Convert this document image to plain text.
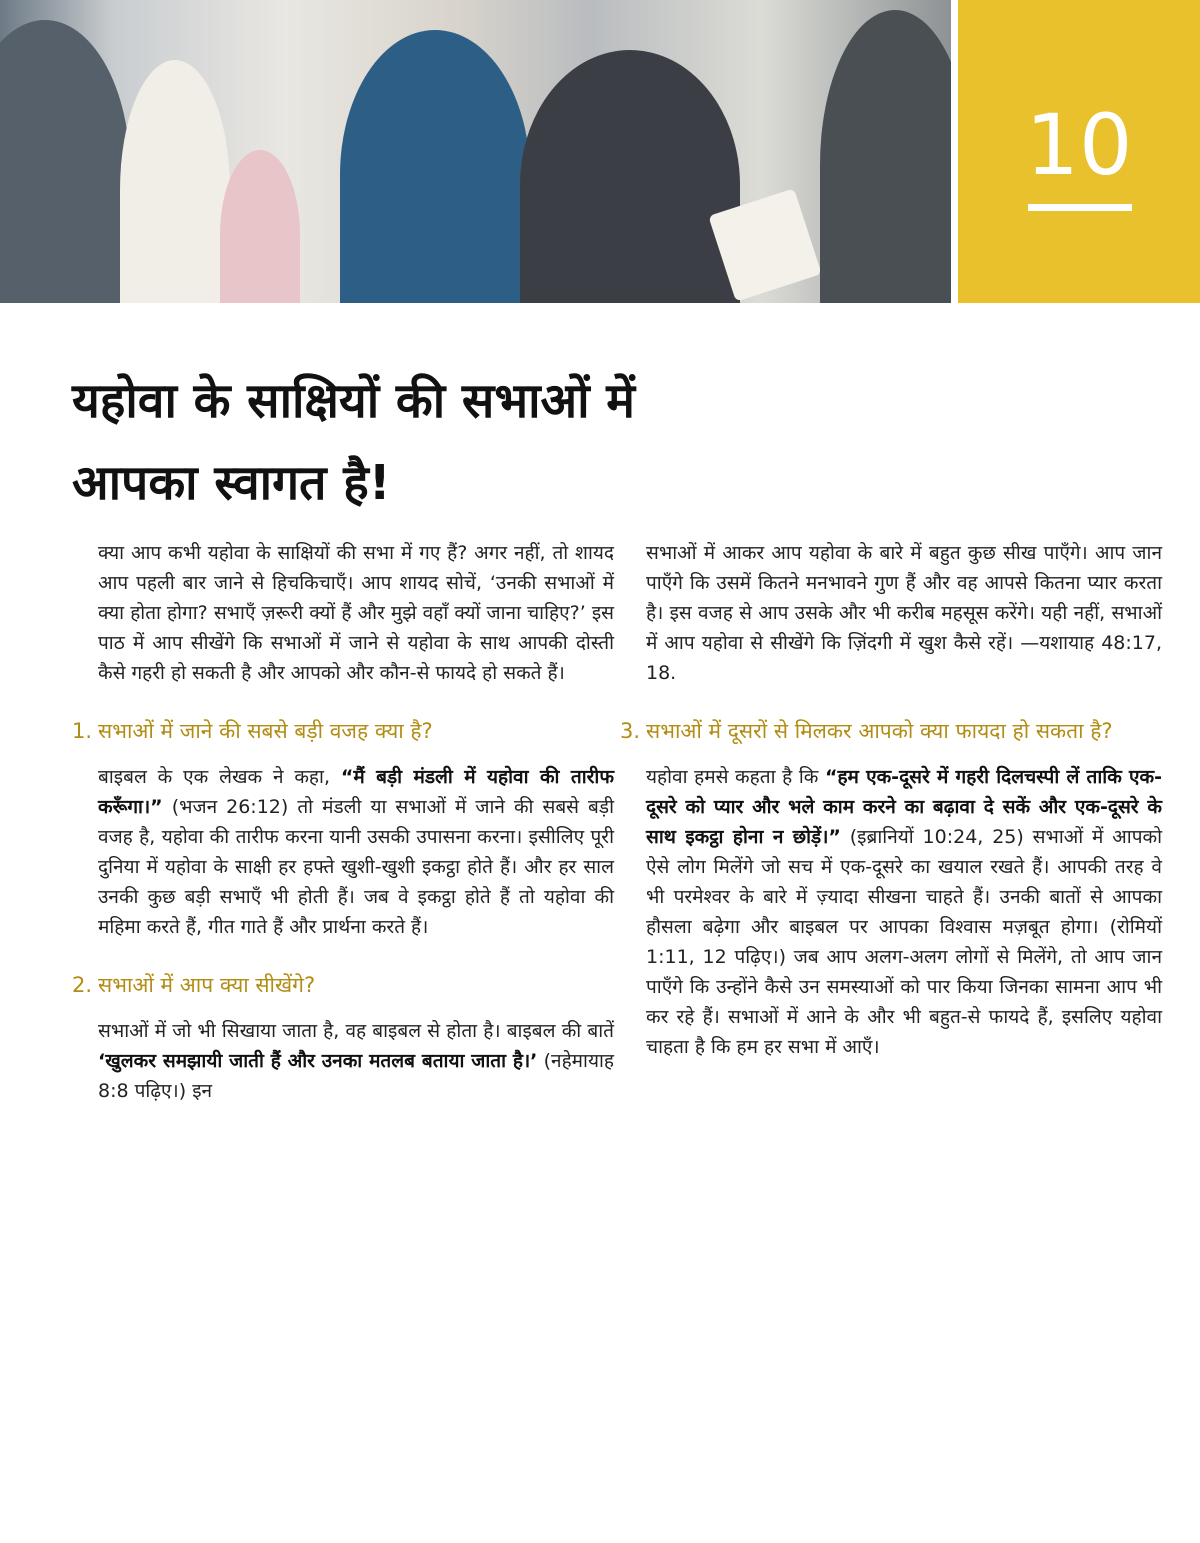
10
यहोवा के साक्षियों की सभाओं में
आपका स्वागत है!

क्या आप कभी यहोवा के साक्षियों की सभा में गए हैं? अगर नहीं, तो शायद आप पहली बार जाने से हिचकिचाएँ। आप शायद सोचें, ‘उनकी सभाओं में क्या होता होगा? सभाएँ ज़रूरी क्यों हैं और मुझे वहाँ क्यों जाना चाहिए?’ इस पाठ में आप सीखेंगे कि सभाओं में जाने से यहोवा के साथ आपकी दोस्ती कैसे गहरी हो सकती है और आपको और कौन-से फायदे हो सकते हैं।

1. सभाओं में जाने की सबसे बड़ी वजह क्या है?

बाइबल के एक लेखक ने कहा, “मैं बड़ी मंडली में यहोवा की तारीफ करूँगा।” (भजन 26:12) तो मंडली या सभाओं में जाने की सबसे बड़ी वजह है, यहोवा की तारीफ करना यानी उसकी उपासना करना। इसीलिए पूरी दुनिया में यहोवा के साक्षी हर हफ्ते खुशी-खुशी इकट्ठा होते हैं। और हर साल उनकी कुछ बड़ी सभाएँ भी होती हैं। जब वे इकट्ठा होते हैं तो यहोवा की महिमा करते हैं, गीत गाते हैं और प्रार्थना करते हैं।

2. सभाओं में आप क्या सीखेंगे?

सभाओं में जो भी सिखाया जाता है, वह बाइबल से होता है। बाइबल की बातें ‘खुलकर समझायी जाती हैं और उनका मतलब बताया जाता है।’ (नहेमायाह 8:8 पढ़िए।) इन

सभाओं में आकर आप यहोवा के बारे में बहुत कुछ सीख पाएँगे। आप जान पाएँगे कि उसमें कितने मनभावने गुण हैं और वह आपसे कितना प्यार करता है। इस वजह से आप उसके और भी करीब महसूस करेंगे। यही नहीं, सभाओं में आप यहोवा से सीखेंगे कि ज़िंदगी में खुश कैसे रहें। —यशायाह 48:17, 18.

3. सभाओं में दूसरों से मिलकर आपको क्या फायदा हो सकता है?

यहोवा हमसे कहता है कि “हम एक-दूसरे में गहरी दिलचस्पी लें ताकि एक-दूसरे को प्यार और भले काम करने का बढ़ावा दे सकें और एक-दूसरे के साथ इकट्ठा होना न छोड़ें।” (इब्रानियों 10:24, 25) सभाओं में आपको ऐसे लोग मिलेंगे जो सच में एक-दूसरे का खयाल रखते हैं। आपकी तरह वे भी परमेश्वर के बारे में ज़्यादा सीखना चाहते हैं। उनकी बातों से आपका हौसला बढ़ेगा और बाइबल पर आपका विश्वास मज़बूत होगा। (रोमियों 1:11, 12 पढ़िए।) जब आप अलग-अलग लोगों से मिलेंगे, तो आप जान पाएँगे कि उन्होंने कैसे उन समस्याओं को पार किया जिनका सामना आप भी कर रहे हैं। सभाओं में आने के और भी बहुत-से फायदे हैं, इसलिए यहोवा चाहता है कि हम हर सभा में आएँ।
